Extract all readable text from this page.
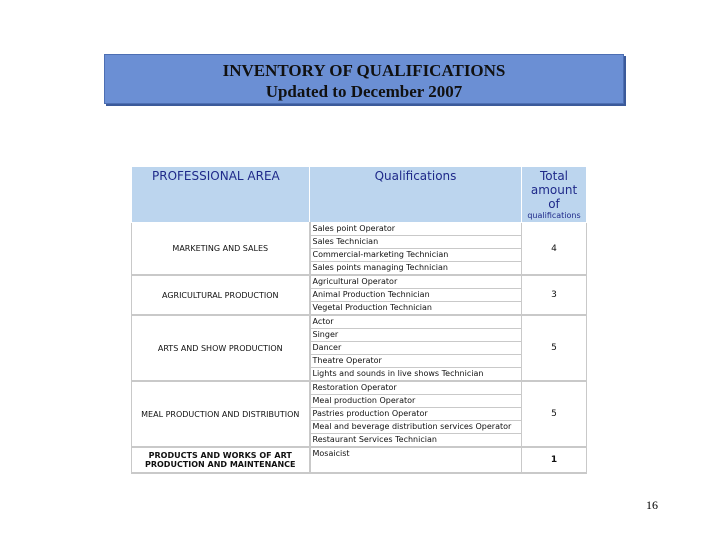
INVENTORY OF QUALIFICATIONS
Updated to December 2007
PROFESSIONAL AREA	Qualifications	Total
amount
of
qualifications

MARKETING AND SALES	Sales point Operator	4
	Sales Technician	
	Commercial-marketing Technician	
	Sales points managing Technician	
AGRICULTURAL PRODUCTION	Agricultural Operator	3
	Animal Production Technician	
	Vegetal Production Technician	
ARTS AND SHOW PRODUCTION	Actor	5
	Singer	
	Dancer	
	Theatre Operator	
	Lights and sounds in live shows Technician	
MEAL PRODUCTION AND DISTRIBUTION	Restoration Operator	5
	Meal production Operator	
	Pastries production Operator	
	Meal and beverage distribution services Operator	
	Restaurant Services Technician	
PRODUCTS AND WORKS OF ART PRODUCTION AND MAINTENANCE	Mosaicist	1
16
